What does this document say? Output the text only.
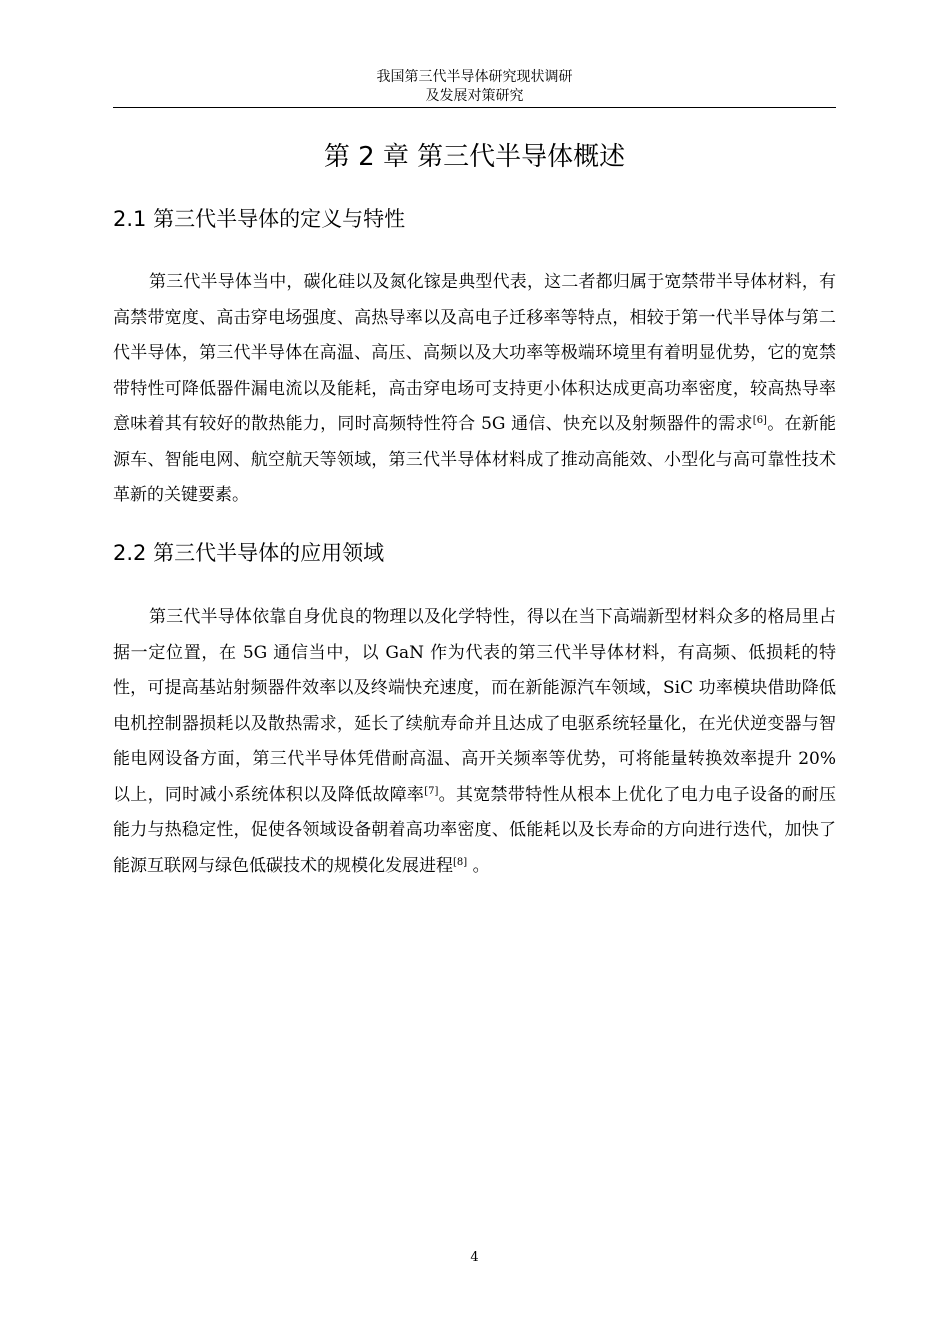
我国第三代半导体研究现状调研
及发展对策研究
第 2 章 第三代半导体概述
2.1 第三代半导体的定义与特性

第三代半导体当中，碳化硅以及氮化镓是典型代表，这二者都归属于宽禁带半导体材料，有高禁带宽度、高击穿电场强度、高热导率以及高电子迁移率等特点，相较于第一代半导体与第二代半导体，第三代半导体在高温、高压、高频以及大功率等极端环境里有着明显优势，它的宽禁带特性可降低器件漏电流以及能耗，高击穿电场可支持更小体积达成更高功率密度，较高热导率意味着其有较好的散热能力，同时高频特性符合 5G 通信、快充以及射频器件的需求[6]。在新能源车、智能电网、航空航天等领域，第三代半导体材料成了推动高能效、小型化与高可靠性技术革新的关键要素。

2.2 第三代半导体的应用领域

第三代半导体依靠自身优良的物理以及化学特性，得以在当下高端新型材料众多的格局里占据一定位置，在 5G 通信当中，以 GaN 作为代表的第三代半导体材料，有高频、低损耗的特性，可提高基站射频器件效率以及终端快充速度，而在新能源汽车领域，SiC 功率模块借助降低电机控制器损耗以及散热需求，延长了续航寿命并且达成了电驱系统轻量化，在光伏逆变器与智能电网设备方面，第三代半导体凭借耐高温、高开关频率等优势，可将能量转换效率提升 20%以上，同时减小系统体积以及降低故障率[7]。其宽禁带特性从根本上优化了电力电子设备的耐压能力与热稳定性，促使各领域设备朝着高功率密度、低能耗以及长寿命的方向进行迭代，加快了能源互联网与绿色低碳技术的规模化发展进程[8] 。

4
